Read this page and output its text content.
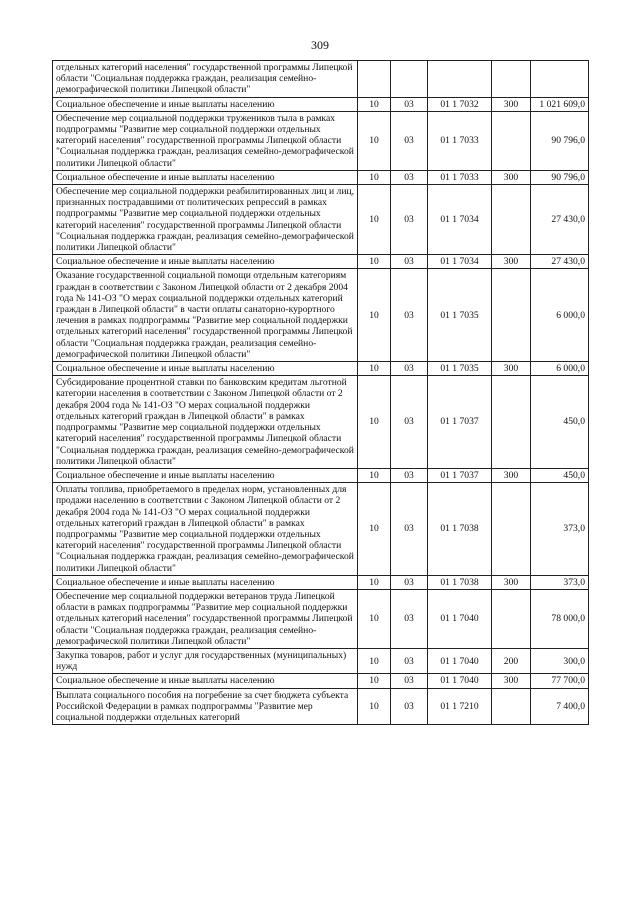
309
отдельных категорий населения" государственной программы Липецкой области "Социальная поддержка граждан, реализация семейно-демографической политики Липецкой области"					
Социальное обеспечение и иные выплаты населению	10	03	01 1 7032	300	1 021 609,0
Обеспечение мер социальной поддержки тружеников тыла в рамках подпрограммы "Развитие мер социальной поддержки отдельных категорий населения" государственной программы Липецкой области "Социальная поддержка граждан, реализация семейно-демографической политики Липецкой области"	10	03	01 1 7033		90 796,0
Социальное обеспечение и иные выплаты населению	10	03	01 1 7033	300	90 796,0
Обеспечение мер социальной поддержки реабилитированных лиц и лиц, признанных пострадавшими от политических репрессий в рамках подпрограммы "Развитие мер социальной поддержки отдельных категорий населения" государственной программы Липецкой области "Социальная поддержка граждан, реализация семейно-демографической политики Липецкой области"	10	03	01 1 7034		27 430,0
Социальное обеспечение и иные выплаты населению	10	03	01 1 7034	300	27 430,0
Оказание государственной социальной помощи отдельным категориям граждан в соответствии с Законом Липецкой области от 2 декабря 2004 года № 141-ОЗ "О мерах социальной поддержки отдельных категорий граждан в Липецкой области" в части оплаты санаторно-курортного лечения в рамках подпрограммы "Развитие мер социальной поддержки отдельных категорий населения" государственной программы Липецкой области "Социальная поддержка граждан, реализация семейно-демографической политики Липецкой области"	10	03	01 1 7035		6 000,0
Социальное обеспечение и иные выплаты населению	10	03	01 1 7035	300	6 000,0
Субсидирование процентной ставки по банковским кредитам льготной категории населения в соответствии с Законом Липецкой области от 2 декабря 2004 года № 141-ОЗ "О мерах социальной поддержки отдельных категорий граждан в Липецкой области" в рамках подпрограммы "Развитие мер социальной поддержки отдельных категорий населения" государственной программы Липецкой области "Социальная поддержка граждан, реализация семейно-демографической политики Липецкой области"	10	03	01 1 7037		450,0
Социальное обеспечение и иные выплаты населению	10	03	01 1 7037	300	450,0
Оплаты топлива, приобретаемого в пределах норм, установленных для продажи населению в соответствии с Законом Липецкой области от 2 декабря 2004 года № 141-ОЗ "О мерах социальной поддержки отдельных категорий граждан в Липецкой области" в рамках подпрограммы "Развитие мер социальной поддержки отдельных категорий населения" государственной программы Липецкой области "Социальная поддержка граждан, реализация семейно-демографической политики Липецкой области"	10	03	01 1 7038		373,0
Социальное обеспечение и иные выплаты населению	10	03	01 1 7038	300	373,0
Обеспечение мер социальной поддержки ветеранов труда Липецкой области в рамках подпрограммы "Развитие мер социальной поддержки отдельных категорий населения" государственной программы Липецкой области "Социальная поддержка граждан, реализация семейно-демографической политики Липецкой области"	10	03	01 1 7040		78 000,0
Закупка товаров, работ и услуг для государственных (муниципальных) нужд	10	03	01 1 7040	200	300,0
Социальное обеспечение и иные выплаты населению	10	03	01 1 7040	300	77 700,0
Выплата социального пособия на погребение за счет бюджета субъекта Российской Федерации в рамках подпрограммы "Развитие мер социальной поддержки отдельных категорий	10	03	01 1 7210		7 400,0
